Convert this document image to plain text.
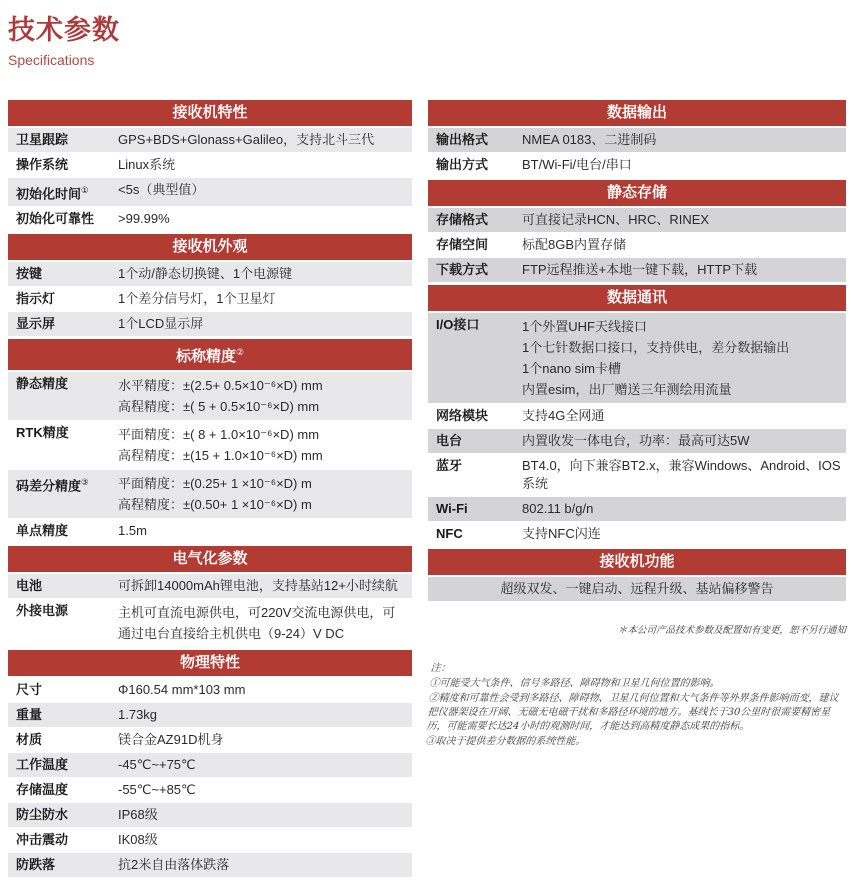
技术参数
Specifications
接收机特性
卫星跟踪	GPS+BDS+Glonass+Galileo，支持北斗三代
操作系统	Linux系统
初始化时间①	<5s（典型值）
初始化可靠性	>99.99%
接收机外观
按键	1个动/静态切换键、1个电源键
指示灯	1个差分信号灯，1个卫星灯
显示屏	1个LCD显示屏
标称精度②
静态精度	水平精度：±(2.5+ 0.5×10⁻⁶×D) mm
高程精度：±( 5 + 0.5×10⁻⁶×D) mm
RTK精度	平面精度：±( 8 + 1.0×10⁻⁶×D) mm
高程精度：±(15 + 1.0×10⁻⁶×D) mm
码差分精度③	平面精度：±(0.25+ 1 ×10⁻⁶×D) m
高程精度：±(0.50+ 1 ×10⁻⁶×D) m
单点精度	1.5m
电气化参数
电池	可拆卸14000mAh锂电池，支持基站12+小时续航
外接电源	主机可直流电源供电，可220V交流电源供电，可
通过电台直接给主机供电（9-24）V DC
物理特性
尺寸	Φ160.54 mm*103 mm
重量	1.73kg
材质	镁合金AZ91D机身
工作温度	-45℃~+75℃
存储温度	-55℃~+85℃
防尘防水	IP68级
冲击震动	IK08级
防跌落	抗2米自由落体跌落
数据输出
输出格式	NMEA 0183、二进制码
输出方式	BT/Wi-Fi/电台/串口
静态存储
存储格式	可直接记录HCN、HRC、RINEX
存储空间	标配8GB内置存储
下载方式	FTP远程推送+本地一键下载，HTTP下载
数据通讯
I/O接口	1个外置UHF天线接口
1个七针数据口接口，支持供电，差分数据输出
1个nano sim卡槽
内置esim，出厂赠送三年测绘用流量
网络模块	支持4G全网通
电台	内置收发一体电台，功率：最高可达5W
蓝牙	BT4.0，向下兼容BT2.x，兼容Windows、Android、IOS系统
Wi-Fi	802.11 b/g/n
NFC	支持NFC闪连
接收机功能
超级双发、一键启动、远程升级、基站偏移警告
＊本公司产品技术参数及配置如有变更，恕不另行通知
注：
①可能受大气条件、信号多路径、障碍物和卫星几何位置的影响。
②精度和可靠性会受到多路径、障碍物、卫星几何位置和大气条件等外界条件影响而变，建议把仪器架设在开阔、无磁无电磁干扰和多路径环境的地方。基线长于30公里时很需要精密星历，可能需要长达24小时的观测时间，才能达到高精度静态成果的指标。
③取决于提供差分数据的系统性能。
